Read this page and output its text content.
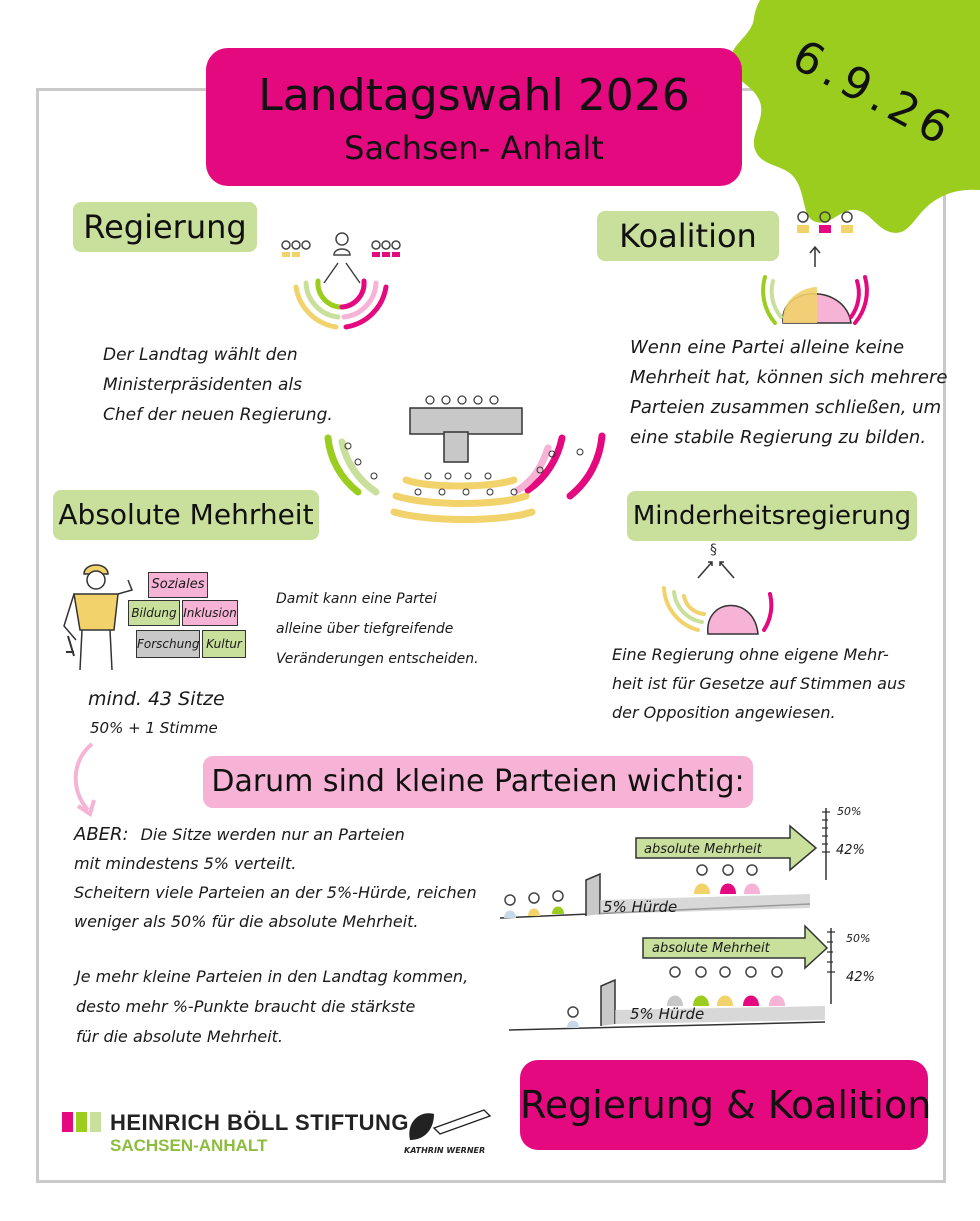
6.9.26
Landtagswahl 2026
Sachsen- Anhalt
Regierung
Der Landtag wählt den
Ministerpräsidenten als
Chef der neuen Regierung.
Koalition
Wenn eine Partei alleine keine
Mehrheit hat, können sich mehrere
Parteien zusammen schließen, um
eine stabile Regierung zu bilden.
Absolute Mehrheit
Soziales
Bildung Inklusion
Forschung Kultur
Damit kann eine Partei
alleine über tiefgreifende
Veränderungen entscheiden.
mind. 43 Sitze
50% + 1 Stimme
Minderheitsregierung
§
Eine Regierung ohne eigene Mehr-
heit ist für Gesetze auf Stimmen aus
der Opposition angewiesen.
Darum sind kleine Parteien wichtig:
ABER: Die Sitze werden nur an Parteien
mit mindestens 5% verteilt.
Scheitern viele Parteien an der 5%-Hürde, reichen
weniger als 50% für die absolute Mehrheit.
Je mehr kleine Parteien in den Landtag kommen,
desto mehr %-Punkte braucht die stärkste
für die absolute Mehrheit.
absolute Mehrheit
5% Hürde
50%
42%
absolute Mehrheit
5% Hürde
50%
42%
Regierung & Koalition
HEINRICH BÖLL STIFTUNG
SACHSEN-ANHALT	KATHRIN WERNER
